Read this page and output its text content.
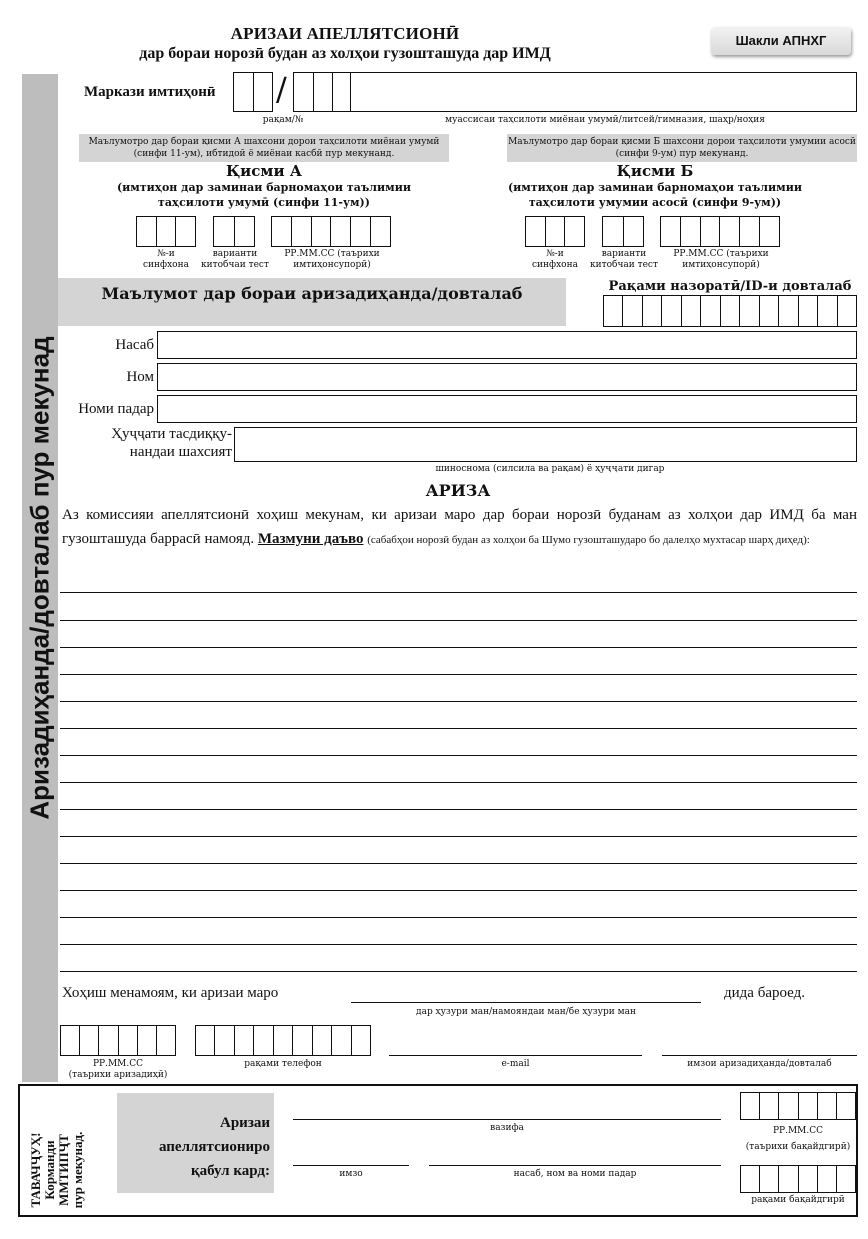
АРИЗАИ АПЕЛЛЯТСИОНӢ
дар бораи норозӣ будан аз холҳои гузошташуда дар ИМД
Шакли АПНХГ
Аризадиҳанда/довталаб пур мекунад
Маркази имтиҳонӣ /
рақам/№	муассисаи таҳсилоти миёнаи умумӣ/литсей/гимназия, шаҳр/ноҳия
Маълумотро дар бораи қисми А шахсони дорои таҳсилоти миёнаи умумӣ (синфи 11-ум), ибтидоӣ ё миёнаи касбӣ пур мекунанд.
Қисми А
(имтиҳон дар заминаи барномаҳои таълимии таҳсилоти умумӣ (синфи 11-ум))
№-и синфхона
варианти китобчаи тест
РР.ММ.СС (таърихи имтиҳонсупорӣ)
Маълумотро дар бораи қисми Б шахсони дорои таҳсилоти умумии асосӣ (синфи 9-ум) пур мекунанд.
Қисми Б
(имтиҳон дар заминаи барномаҳои таълимии таҳсилоти умумии асосӣ (синфи 9-ум))
№-и синфхона
варианти китобчаи тест
РР.ММ.СС (таърихи имтиҳонсупорӣ)
Маълумот дар бораи аризадиҳанда/довталаб	Рақами назоратӣ/ID-и довталаб
Насаб
Ном
Номи падар
Ҳуҷҷати тасдиққу-
нандаи шахсият
шиноснома (силсила ва рақам) ё ҳуҷҷати дигар
АРИЗА
Аз комиссияи апеллятсионӣ хоҳиш мекунам, ки аризаи маро дар бораи норозӣ буданам аз холҳои дар ИМД ба ман гузошташуда баррасӣ намояд. Мазмуни даъво (сабабҳои норозӣ будан аз холҳои ба Шумо гузошташударо бо далелҳо мухтасар шарҳ диҳед):
Хоҳиш менамоям, ки аризаи маро	дида бароед.
дар ҳузури ман/намояндаи ман/бе ҳузури ман
РР.ММ.СС
(таърихи аризадиҳӣ)
рақами телефон	e-mail	имзои аризадиҳанда/довталаб
ТАВАЧҶУҲ! Корманди ММТИПҶТ пур мекунад.
Аризаи
апеллятсиониро
қабул кард:
вазифа
имзо	насаб, ном ва номи падар
РР.ММ.СС
(таърихи бақайдгирӣ)
рақами бақайдгирӣ
